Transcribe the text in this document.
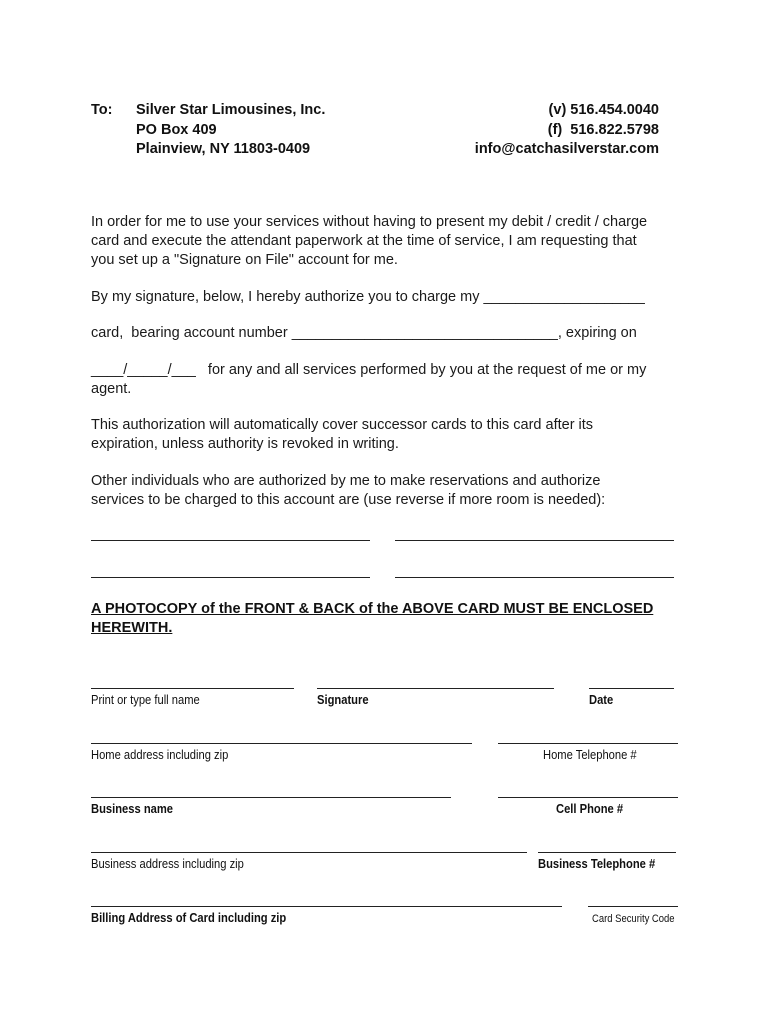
To: Silver Star Limousines, Inc.
PO Box 409
Plainview, NY 11803-0409
(v) 516.454.0040
(f)  516.822.5798
info@catchasilverstar.com
In order for me to use your services without having to present my debit / credit / charge
card and execute the attendant paperwork at the time of service, I am requesting that
you set up a "Signature on File" account for me.
By my signature, below, I hereby authorize you to charge my ____________________
card,  bearing account number _________________________________, expiring on
____/_____/___   for any and all services performed by you at the request of me or my
agent.
This authorization will automatically cover successor cards to this card after its
expiration, unless authority is revoked in writing.
Other individuals who are authorized by me to make reservations and authorize
services to be charged to this account are (use reverse if more room is needed):
A PHOTOCOPY of the FRONT & BACK of the ABOVE CARD MUST BE ENCLOSED
HEREWITH.
Print or type full name	Signature	Date
Home address including zip	Home Telephone #
Business name	Cell Phone #
Business address including zip	Business Telephone #
Billing Address of Card including zip	Card Security Code
